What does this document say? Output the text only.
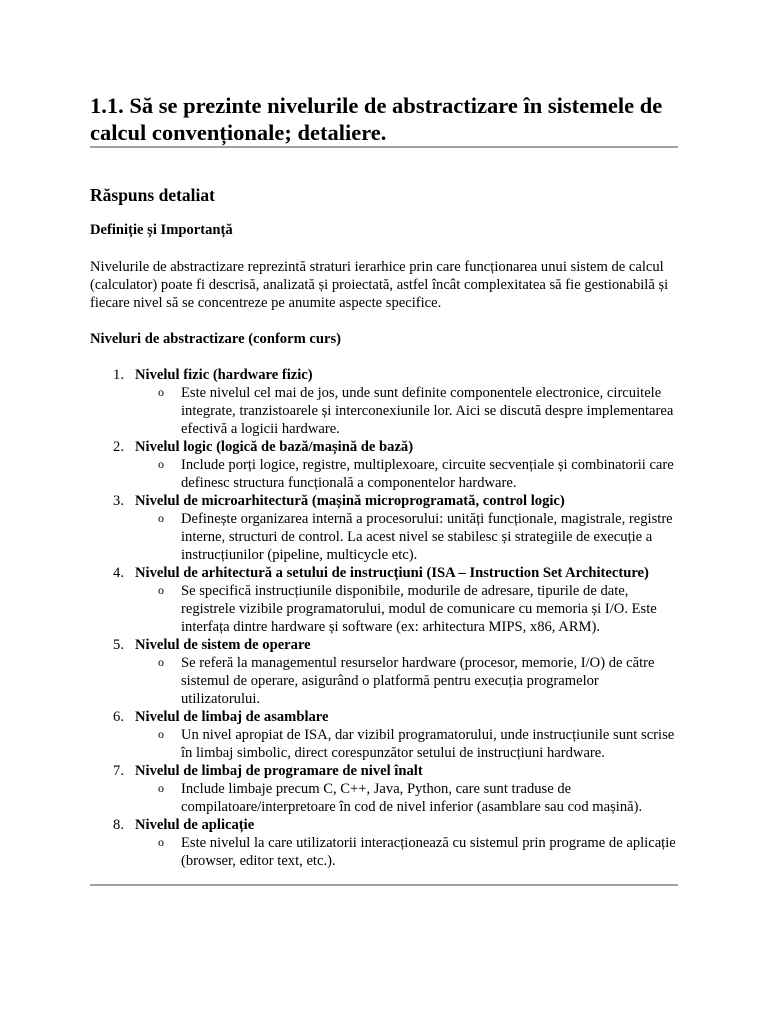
1.1. Să se prezinte nivelurile de abstractizare în sistemele de calcul convenționale; detaliere.
Răspuns detaliat
Definiție și Importanță

Nivelurile de abstractizare reprezintă straturi ierarhice prin care funcționarea unui sistem de calcul (calculator) poate fi descrisă, analizată și proiectată, astfel încât complexitatea să fie gestionabilă și fiecare nivel să se concentreze pe anumite aspecte specifice.

Niveluri de abstractizare (conform curs)
1. Nivelul fizic (hardware fizic)
o Este nivelul cel mai de jos, unde sunt definite componentele electronice, circuitele integrate, tranzistoarele și interconexiunile lor. Aici se discută despre implementarea efectivă a logicii hardware.
2. Nivelul logic (logică de bază/mașină de bază)
o Include porți logice, registre, multiplexoare, circuite secvențiale și combinatorii care definesc structura funcțională a componentelor hardware.
3. Nivelul de microarhitectură (mașină microprogramată, control logic)
o Definește organizarea internă a procesorului: unități funcționale, magistrale, registre interne, structuri de control. La acest nivel se stabilesc și strategiile de execuție a instrucțiunilor (pipeline, multicycle etc).
4. Nivelul de arhitectură a setului de instrucțiuni (ISA – Instruction Set Architecture)
o Se specifică instrucțiunile disponibile, modurile de adresare, tipurile de date, registrele vizibile programatorului, modul de comunicare cu memoria și I/O. Este interfața dintre hardware și software (ex: arhitectura MIPS, x86, ARM).
5. Nivelul de sistem de operare
o Se referă la managementul resurselor hardware (procesor, memorie, I/O) de către sistemul de operare, asigurând o platformă pentru execuția programelor utilizatorului.
6. Nivelul de limbaj de asamblare
o Un nivel apropiat de ISA, dar vizibil programatorului, unde instrucțiunile sunt scrise în limbaj simbolic, direct corespunzător setului de instrucțiuni hardware.
7. Nivelul de limbaj de programare de nivel înalt
o Include limbaje precum C, C++, Java, Python, care sunt traduse de compilatoare/interpretoare în cod de nivel inferior (asamblare sau cod mașină).
8. Nivelul de aplicație
o Este nivelul la care utilizatorii interacționează cu sistemul prin programe de aplicație (browser, editor text, etc.).
